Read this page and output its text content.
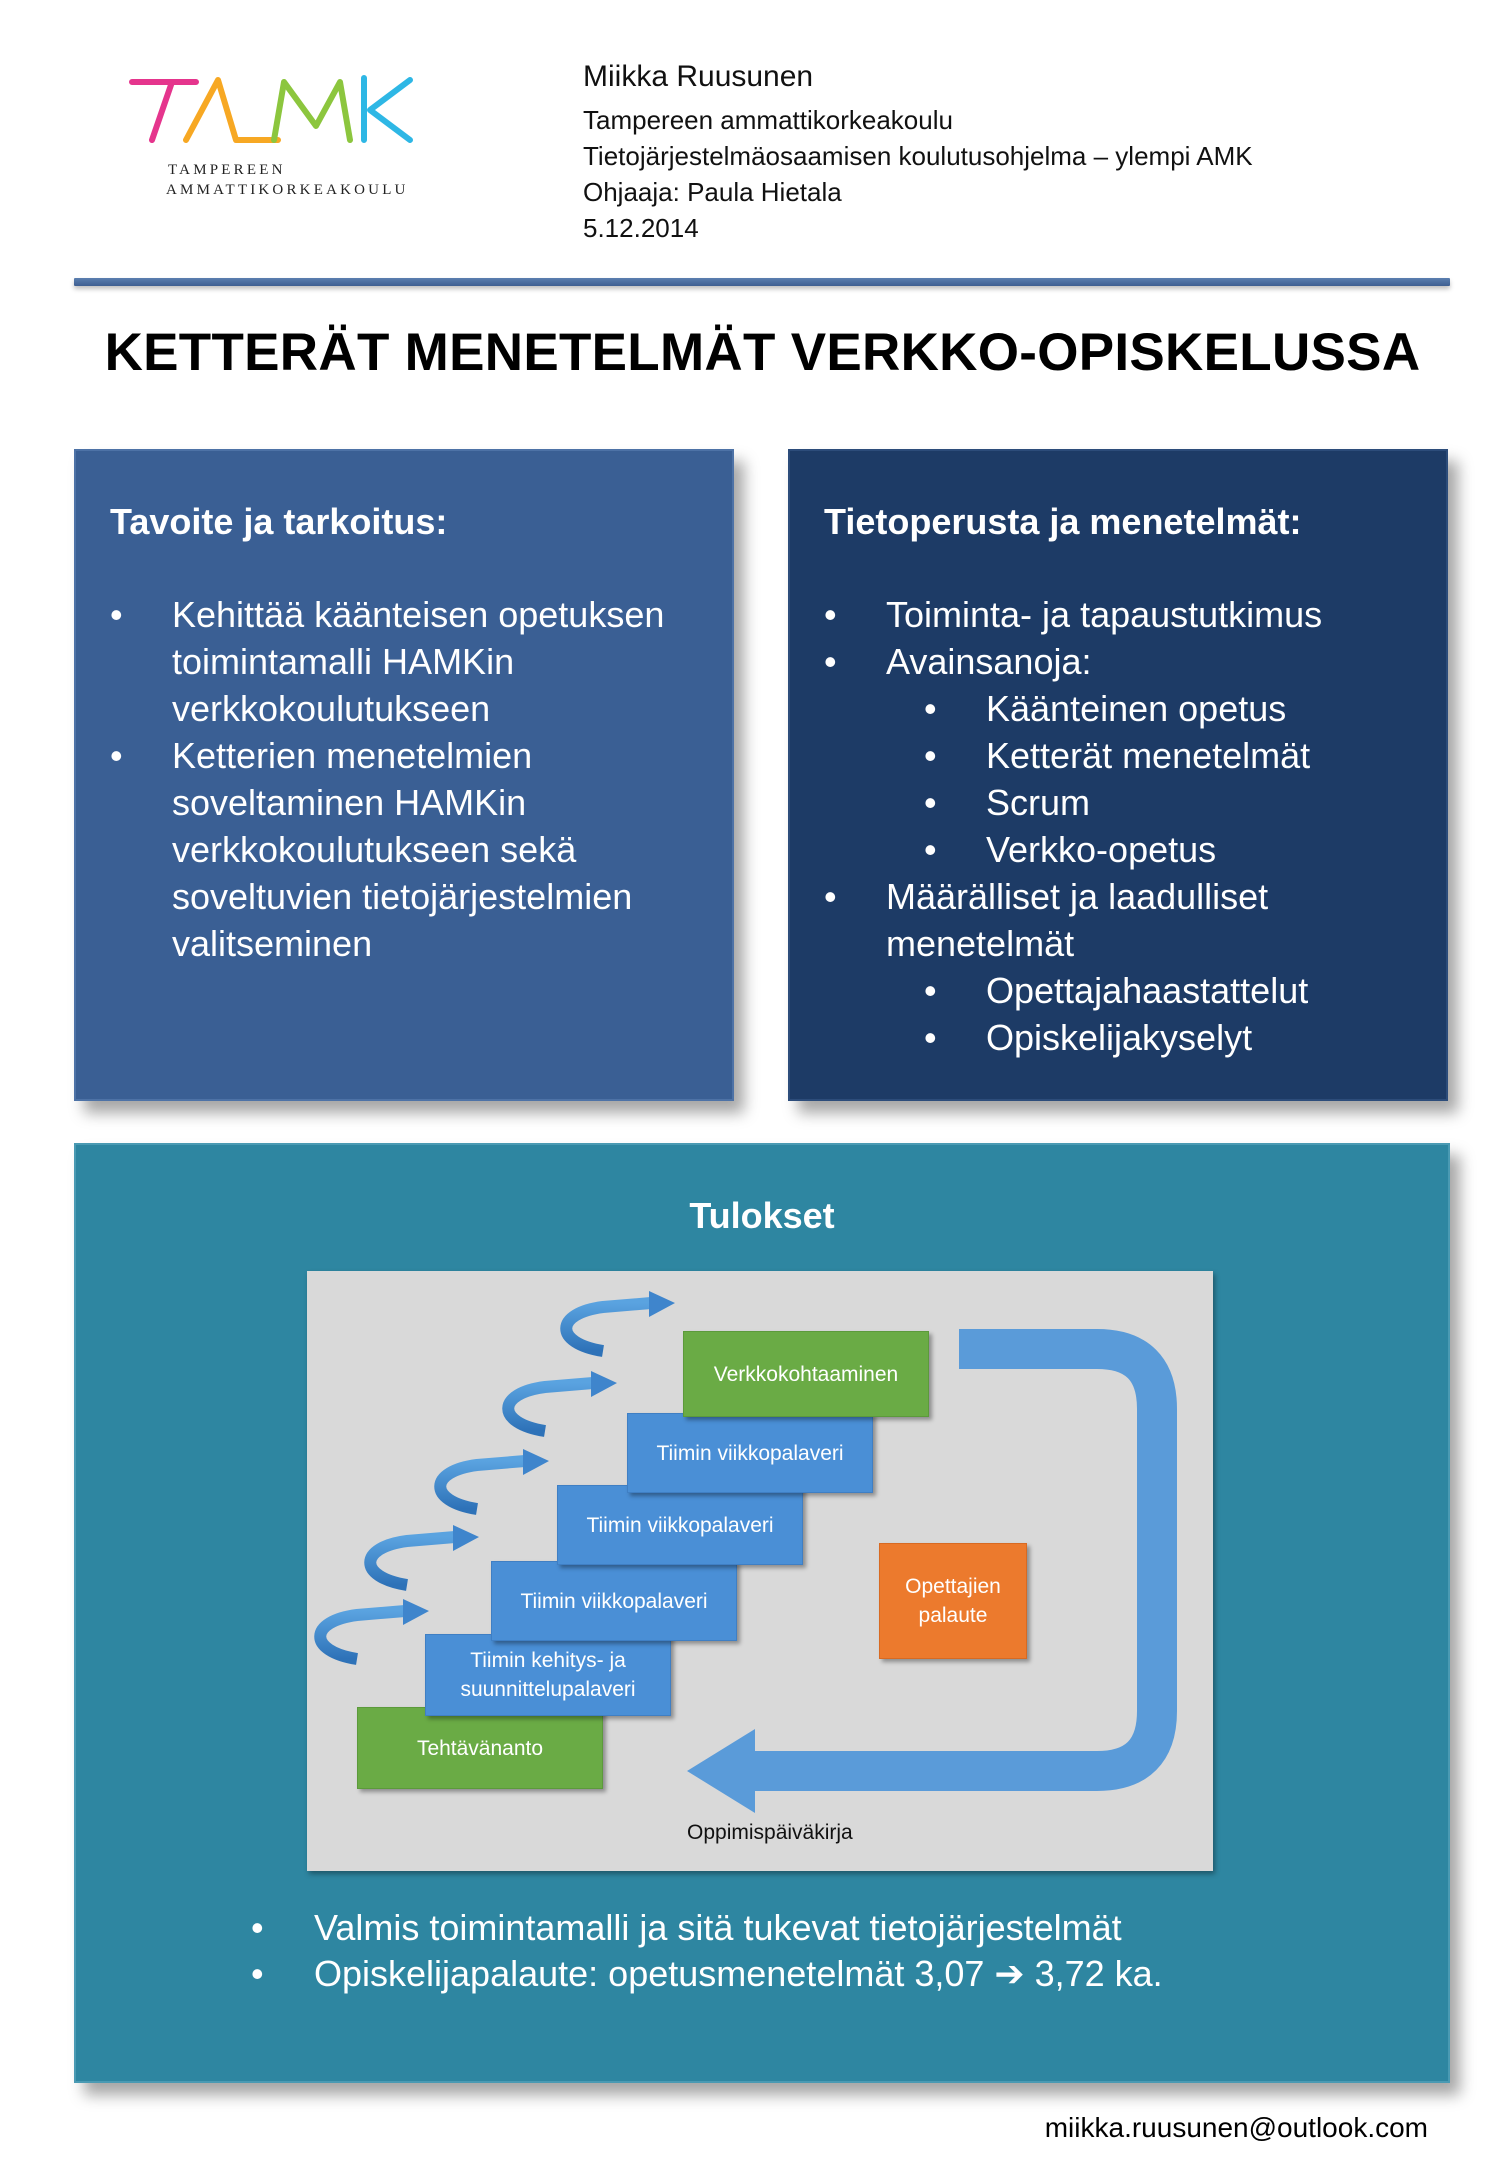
TAMPEREEN
AMMATTIKORKEAKOULU
Miikka Ruusunen
Tampereen ammattikorkeakoulu
Tietojärjestelmäosaamisen koulutusohjelma – ylempi AMK
Ohjaaja: Paula Hietala
5.12.2014
KETTERÄT MENETELMÄT VERKKO-OPISKELUSSA
Tavoite ja tarkoitus:
• Kehittää käänteisen opetuksen
toimintamalli HAMKin
verkkokoulutukseen
• Ketterien menetelmien
soveltaminen HAMKin
verkkokoulutukseen sekä
soveltuvien tietojärjestelmien
valitseminen
Tietoperusta ja menetelmät:
• Toiminta- ja tapaustutkimus
• Avainsanoja:
• Käänteinen opetus
• Ketterät menetelmät
• Scrum
• Verkko-opetus
• Määrälliset ja laadulliset
menetelmät
• Opettajahaastattelut
• Opiskelijakyselyt
Tulokset
Tehtävänanto
Tiimin kehitys- ja
suunnittelupalaveri
Tiimin viikkopalaveri
Tiimin viikkopalaveri
Tiimin viikkopalaveri
Verkkokohtaaminen
Opettajien
palaute
Oppimispäiväkirja
• Valmis toimintamalli ja sitä tukevat tietojärjestelmät
• Opiskelijapalaute: opetusmenetelmät 3,07 ➔ 3,72 ka.
miikka.ruusunen@outlook.com
